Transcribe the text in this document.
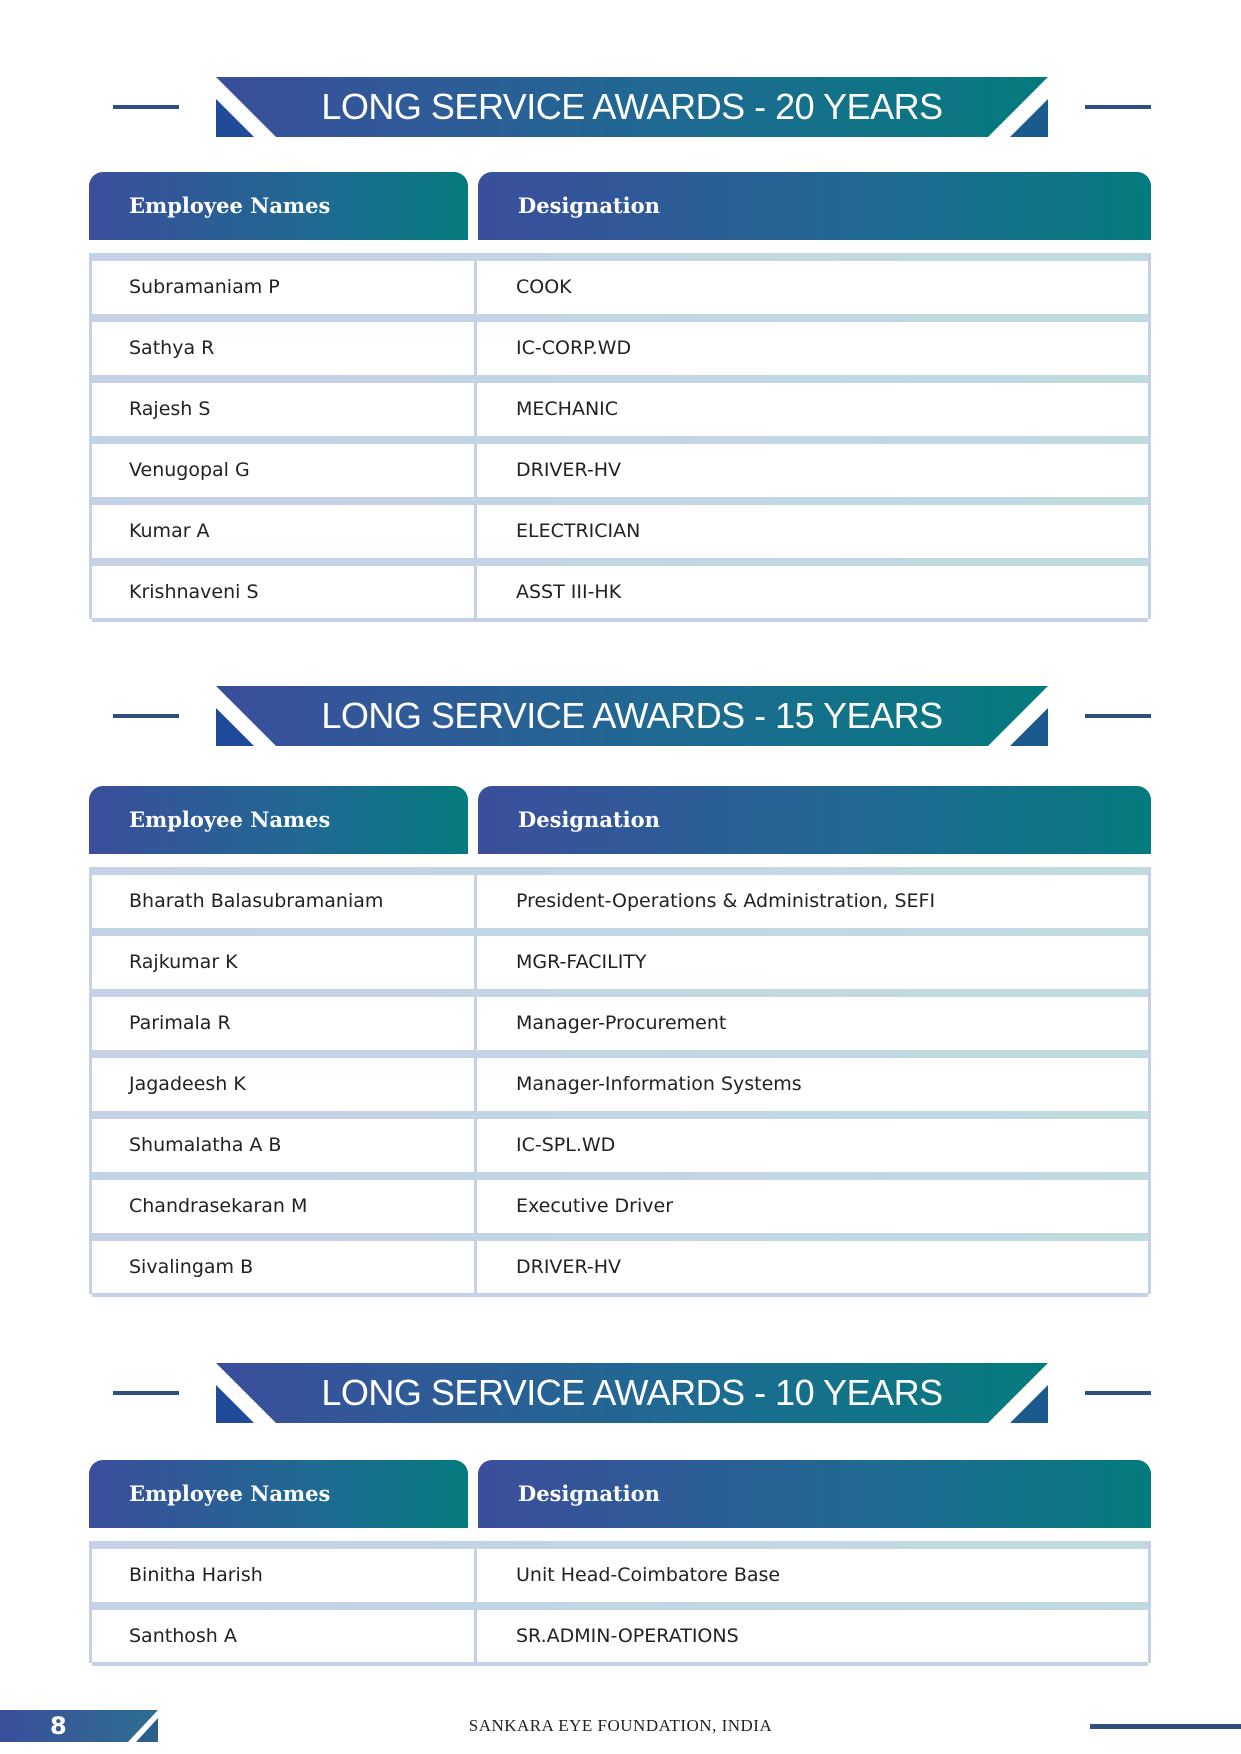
LONG SERVICE AWARDS - 20 YEARS
Employee Names	Designation
Subramaniam P	COOK
Sathya R	IC-CORP.WD
Rajesh S	MECHANIC
Venugopal G	DRIVER-HV
Kumar A	ELECTRICIAN
Krishnaveni S	ASST III-HK
LONG SERVICE AWARDS - 15 YEARS
Employee Names	Designation
Bharath Balasubramaniam	President-Operations & Administration, SEFI
Rajkumar K	MGR-FACILITY
Parimala R	Manager-Procurement
Jagadeesh K	Manager-Information Systems
Shumalatha A B	IC-SPL.WD
Chandrasekaran M	Executive Driver
Sivalingam B	DRIVER-HV
LONG SERVICE AWARDS - 10 YEARS
Employee Names	Designation
Binitha Harish	Unit Head-Coimbatore Base
Santhosh A	SR.ADMIN-OPERATIONS
8	SANKARA EYE FOUNDATION, INDIA
